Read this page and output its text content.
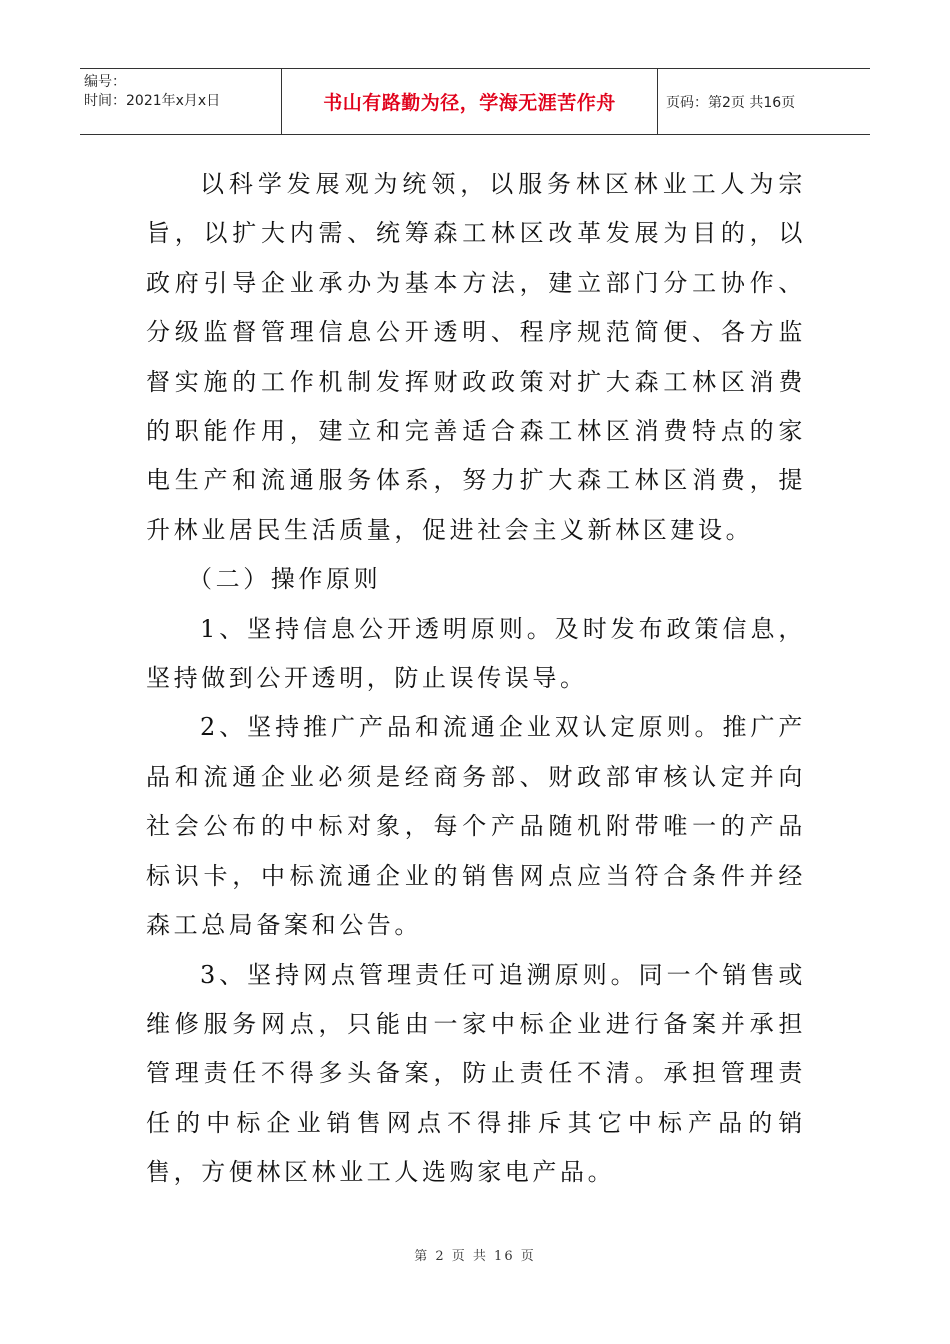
编号：
时间：2021年x月x日	书山有路勤为径，学海无涯苦作舟	页码：第2页 共16页

以科学发展观为统领，以服务林区林业工人为宗旨，以扩大内需、统筹森工林区改革发展为目的，以政府引导企业承办为基本方法，建立部门分工协作、分级监督管理信息公开透明、程序规范简便、各方监督实施的工作机制发挥财政政策对扩大森工林区消费的职能作用，建立和完善适合森工林区消费特点的家电生产和流通服务体系，努力扩大森工林区消费，提升林业居民生活质量，促进社会主义新林区建设。

（二）操作原则

1、坚持信息公开透明原则。及时发布政策信息，坚持做到公开透明，防止误传误导。

2、坚持推广产品和流通企业双认定原则。推广产品和流通企业必须是经商务部、财政部审核认定并向社会公布的中标对象，每个产品随机附带唯一的产品标识卡，中标流通企业的销售网点应当符合条件并经森工总局备案和公告。

3、坚持网点管理责任可追溯原则。同一个销售或维修服务网点，只能由一家中标企业进行备案并承担管理责任不得多头备案，防止责任不清。承担管理责任的中标企业销售网点不得排斥其它中标产品的销售，方便林区林业工人选购家电产品。

第 2 页 共 16 页
